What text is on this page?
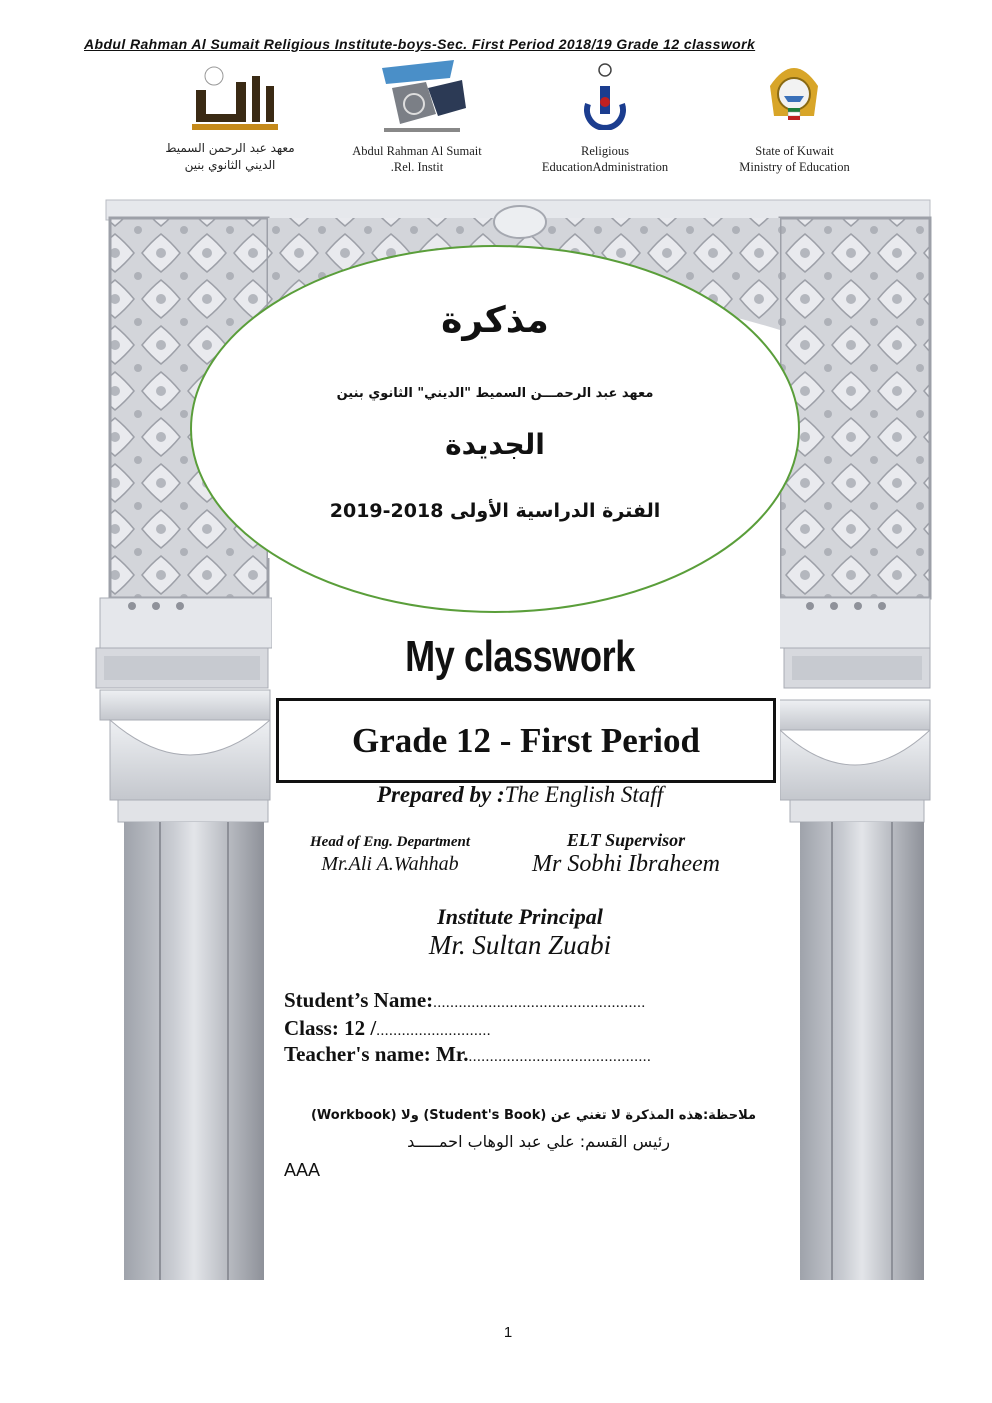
Abdul Rahman Al Sumait Religious Institute-boys-Sec. First Period 2018/19 Grade 12 classwork
معهد عبد الرحمن السميط
الديني الثانوي بنين
Abdul Rahman Al Sumait
.Rel. Instit
Religious
EducationAdministration
State of Kuwait
Ministry of Education
مذكرة
معهد عبد الرحمـــن السميط "الديني" الثانوي بنين
الجديدة
الفترة الدراسية الأولى 2018-2019
My classwork
Grade 12 - First Period
Prepared by :The English Staff
Head of Eng. Department
Mr.Ali A.Wahhab
ELT Supervisor
Mr Sobhi Ibraheem
Institute Principal
Mr. Sultan Zuabi
Student’s Name:..................................................
Class: 12 /...........................
Teacher's name: Mr............................................
ملاحظة:هذه المذكرة لا تغني عن (Student's Book) ولا (Workbook)
رئيس القسم: علي عبد الوهاب احمـــــد
AAA
1
